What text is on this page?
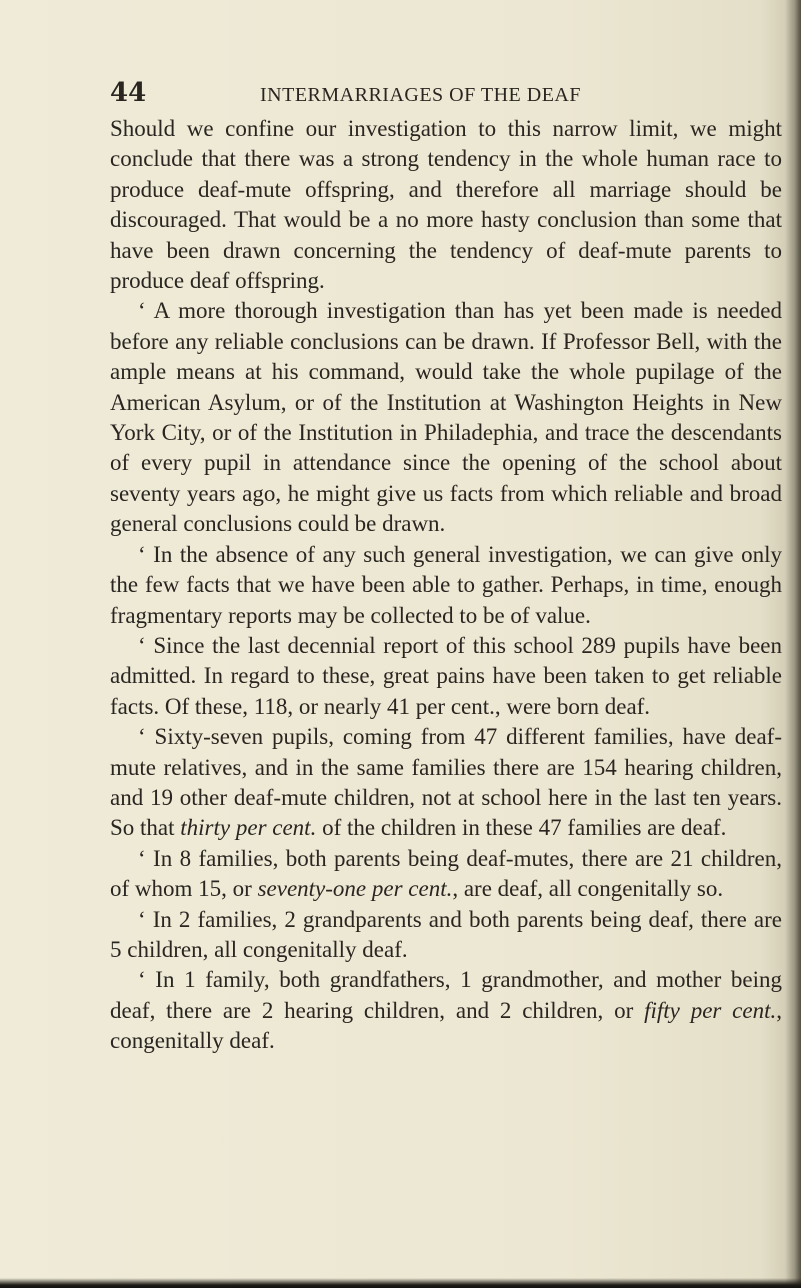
44	INTERMARRIAGES OF THE DEAF

Should we confine our investigation to this narrow limit, we might conclude that there was a strong tendency in the whole human race to produce deaf-mute offspring, and therefore all marriage should be discouraged. That would be a no more hasty conclusion than some that have been drawn concerning the tendency of deaf-mute parents to produce deaf offspring.

‘ A more thorough investigation than has yet been made is needed before any reliable conclusions can be drawn. If Professor Bell, with the ample means at his command, would take the whole pupilage of the American Asylum, or of the Institution at Washington Heights in New York City, or of the Institution in Philadephia, and trace the descendants of every pupil in attendance since the opening of the school about seventy years ago, he might give us facts from which reliable and broad general conclusions could be drawn.

‘ In the absence of any such general investigation, we can give only the few facts that we have been able to gather. Perhaps, in time, enough fragmentary reports may be collected to be of value.

‘ Since the last decennial report of this school 289 pupils have been admitted. In regard to these, great pains have been taken to get reliable facts. Of these, 118, or nearly 41 per cent., were born deaf.

‘ Sixty-seven pupils, coming from 47 different families, have deaf-mute relatives, and in the same families there are 154 hearing children, and 19 other deaf-mute children, not at school here in the last ten years. So that thirty per cent. of the children in these 47 families are deaf.

‘ In 8 families, both parents being deaf-mutes, there are 21 children, of whom 15, or seventy-one per cent., are deaf, all congenitally so.

‘ In 2 families, 2 grandparents and both parents being deaf, there are 5 children, all congenitally deaf.

‘ In 1 family, both grandfathers, 1 grandmother, and mother being deaf, there are 2 hearing children, and 2 children, or fifty per cent., congenitally deaf.
